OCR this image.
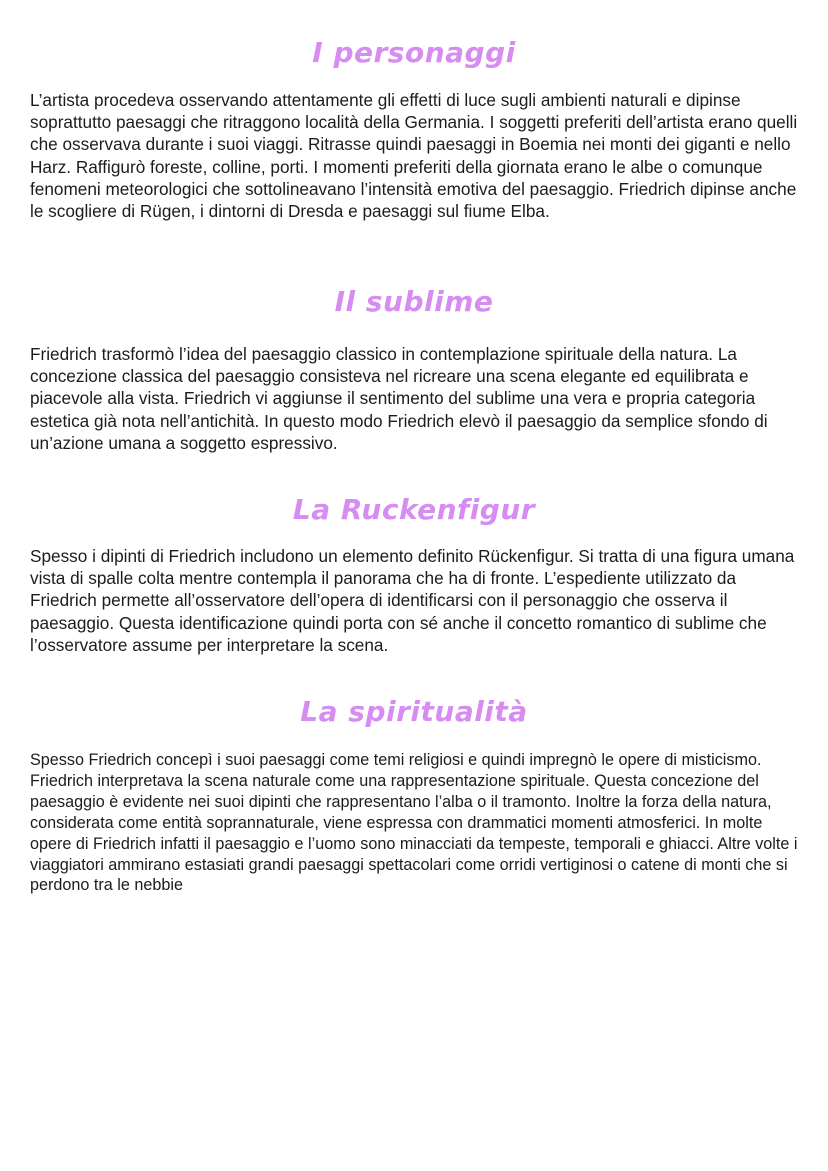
I personaggi

L’artista procedeva osservando attentamente gli effetti di luce sugli ambienti naturali e dipinse soprattutto paesaggi che ritraggono località della Germania. I soggetti preferiti dell’artista erano quelli che osservava durante i suoi viaggi. Ritrasse quindi paesaggi in Boemia nei monti dei giganti e nello Harz. Raffigurò foreste, colline, porti. I momenti preferiti della giornata erano le albe o comunque fenomeni meteorologici che sottolineavano l’intensità emotiva del paesaggio. Friedrich dipinse anche le scogliere di Rügen, i dintorni di Dresda e paesaggi sul fiume Elba.

Il sublime

Friedrich trasformò l’idea del paesaggio classico in contemplazione spirituale della natura. La concezione classica del paesaggio consisteva nel ricreare una scena elegante ed equilibrata e piacevole alla vista. Friedrich vi aggiunse il sentimento del sublime una vera e propria categoria estetica già nota nell’antichità. In questo modo Friedrich elevò il paesaggio da semplice sfondo di un’azione umana a soggetto espressivo.

La Ruckenfigur

Spesso i dipinti di Friedrich includono un elemento definito Rückenfigur. Si tratta di una figura umana vista di spalle colta mentre contempla il panorama che ha di fronte. L’espediente utilizzato da Friedrich permette all’osservatore dell’opera di identificarsi con il personaggio che osserva il paesaggio. Questa identificazione quindi porta con sé anche il concetto romantico di sublime che l’osservatore assume per interpretare la scena.

La spiritualità

Spesso Friedrich concepì i suoi paesaggi come temi religiosi e quindi impregnò le opere di misticismo. Friedrich interpretava la scena naturale come una rappresentazione spirituale. Questa concezione del paesaggio è evidente nei suoi dipinti che rappresentano l’alba o il tramonto. Inoltre la forza della natura, considerata come entità soprannaturale, viene espressa con drammatici momenti atmosferici. In molte opere di Friedrich infatti il paesaggio e l’uomo sono minacciati da tempeste, temporali e ghiacci. Altre volte i viaggiatori ammirano estasiati grandi paesaggi spettacolari come orridi vertiginosi o catene di monti che si perdono tra le nebbie
